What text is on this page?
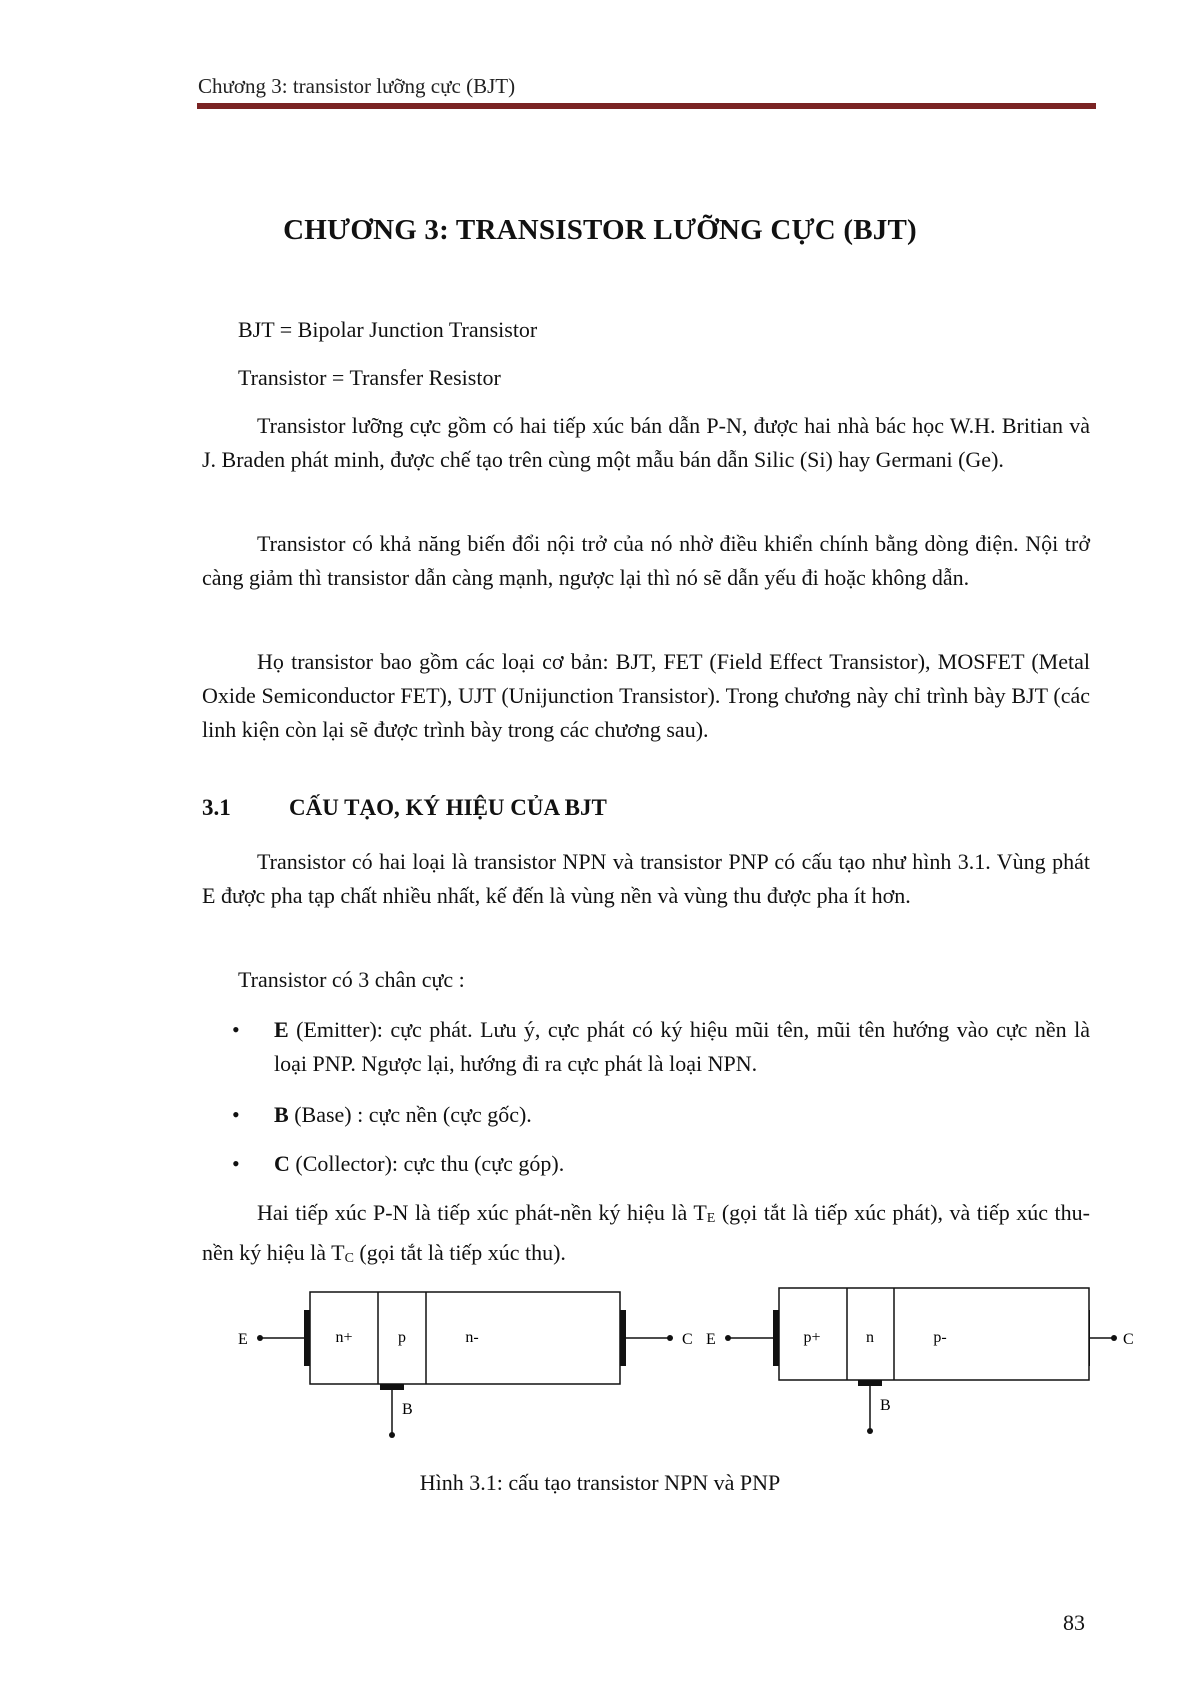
Chương 3: transistor lưỡng cực (BJT)
CHƯƠNG 3: TRANSISTOR LƯỠNG CỰC (BJT)

BJT = Bipolar Junction Transistor

Transistor = Transfer Resistor

Transistor lưỡng cực gồm có hai tiếp xúc bán dẫn P-N, được hai nhà bác học W.H. Britian và J. Braden phát minh, được chế tạo trên cùng một mẫu bán dẫn Silic (Si) hay Germani (Ge).

Transistor có khả năng biến đổi nội trở của nó nhờ điều khiển chính bằng dòng điện. Nội trở càng giảm thì transistor dẫn càng mạnh, ngược lại thì nó sẽ dẫn yếu đi hoặc không dẫn.

Họ transistor bao gồm các loại cơ bản: BJT, FET (Field Effect Transistor), MOSFET (Metal Oxide Semiconductor FET), UJT (Unijunction Transistor). Trong chương này chỉ trình bày BJT (các linh kiện còn lại sẽ được trình bày trong các chương sau).

3.1	CẤU TẠO, KÝ HIỆU CỦA BJT

Transistor có hai loại là transistor NPN và transistor PNP có cấu tạo như hình 3.1. Vùng phát E được pha tạp chất nhiều nhất, kế đến là vùng nền và vùng thu được pha ít hơn.

Transistor có 3 chân cực :

• E (Emitter): cực phát. Lưu ý, cực phát có ký hiệu mũi tên, mũi tên hướng vào cực nền là loại PNP. Ngược lại, hướng đi ra cực phát là loại NPN.
• B (Base) : cực nền (cực gốc).
• C (Collector): cực thu (cực góp).

Hai tiếp xúc P-N là tiếp xúc phát-nền ký hiệu là TE (gọi tắt là tiếp xúc phát), và tiếp xúc thu-nền ký hiệu là TC (gọi tắt là tiếp xúc thu).

E	n+	p	n-	C
B
E	p+	n	p-	C
B
Hình 3.1: cấu tạo transistor NPN và PNP
83
